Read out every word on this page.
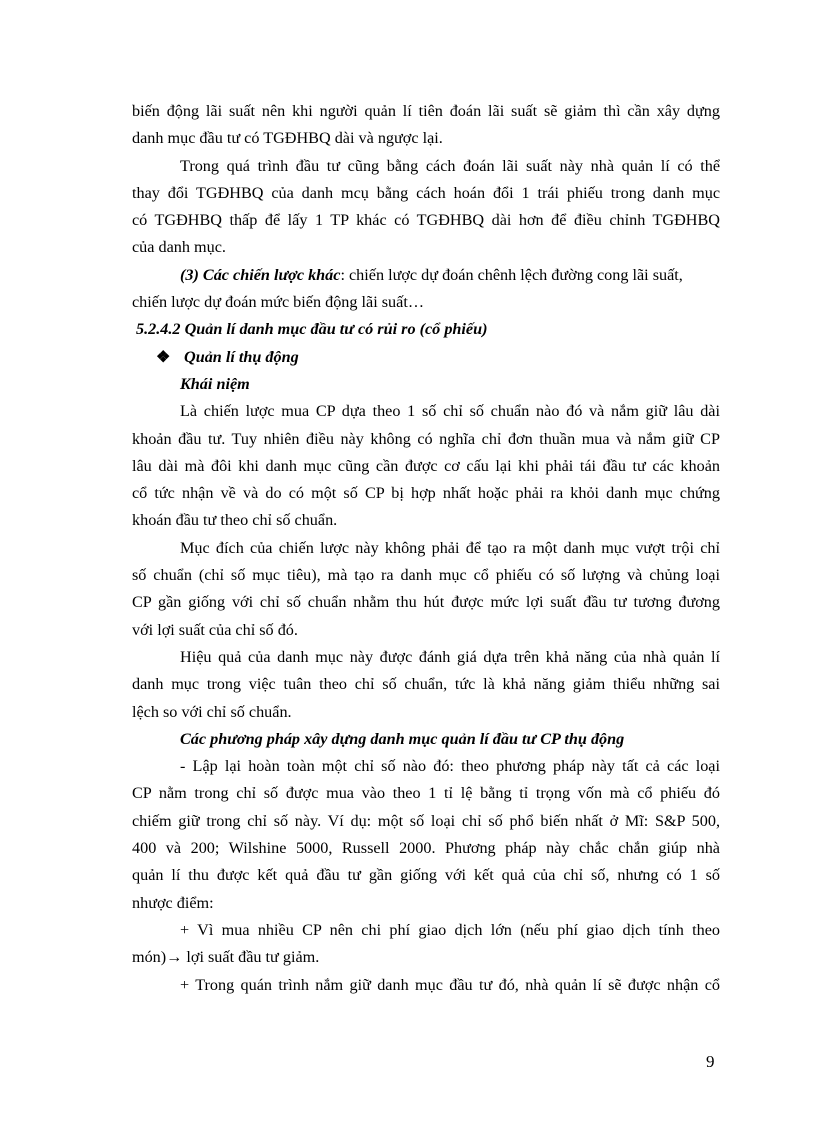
biến động lãi suất nên khi người quản lí tiên đoán lãi suất sẽ giảm thì cần xây dựng
danh mục đầu tư có TGĐHBQ dài và ngược lại.
Trong quá trình đầu tư cũng bằng cách đoán lãi suất này nhà quản lí có thể
thay đổi TGĐHBQ của danh mcụ bằng cách hoán đổi 1 trái phiếu trong danh mục
có TGĐHBQ thấp để lấy 1 TP khác có TGĐHBQ dài hơn để điều chỉnh TGĐHBQ
của danh mục.
(3) Các chiến lược khác: chiến lược dự đoán chênh lệch đường cong lãi suất,
chiến lược dự đoán mức biến động lãi suất…
5.2.4.2 Quản lí danh mục đầu tư có rủi ro (cổ phiếu)
❖ Quản lí thụ động
Khái niệm
Là chiến lược mua CP dựa theo 1 số chỉ số chuẩn nào đó và nắm giữ lâu dài
khoản đầu tư. Tuy nhiên điều này không có nghĩa chỉ đơn thuần mua và nắm giữ CP
lâu dài mà đôi khi danh mục cũng cần được cơ cấu lại khi phải tái đầu tư các khoản
cổ tức nhận về và do có một số CP bị hợp nhất hoặc phải ra khỏi danh mục chứng
khoán đầu tư theo chỉ số chuẩn.
Mục đích của chiến lược này không phải để tạo ra một danh mục vượt trội chỉ
số chuẩn (chỉ số mục tiêu), mà tạo ra danh mục cổ phiếu có số lượng và chủng loại
CP gần giống với chỉ số chuẩn nhằm thu hút được mức lợi suất đầu tư tương đương
với lợi suất của chỉ số đó.
Hiệu quả của danh mục này được đánh giá dựa trên khả năng của nhà quản lí
danh mục trong việc tuân theo chỉ số chuẩn, tức là khả năng giảm thiểu những sai
lệch so với chỉ số chuẩn.
Các phương pháp xây dựng danh mục quản lí đầu tư CP thụ động
- Lập lại hoàn toàn một chỉ số nào đó: theo phương pháp này tất cả các loại
CP nằm trong chỉ số được mua vào theo 1 tỉ lệ bằng tỉ trọng vốn mà cổ phiếu đó
chiếm giữ trong chỉ số này. Ví dụ: một số loại chỉ số phổ biến nhất ở Mĩ: S&P 500,
400 và 200; Wilshine 5000, Russell 2000. Phương pháp này chắc chắn giúp nhà
quản lí thu được kết quả đầu tư gần giống với kết quả của chỉ số, nhưng có 1 số
nhược điểm:
+ Vì mua nhiều CP nên chi phí giao dịch lớn (nếu phí giao dịch tính theo
món)→ lợi suất đầu tư giảm.
+ Trong quán trình nắm giữ danh mục đầu tư đó, nhà quản lí sẽ được nhận cổ
9
